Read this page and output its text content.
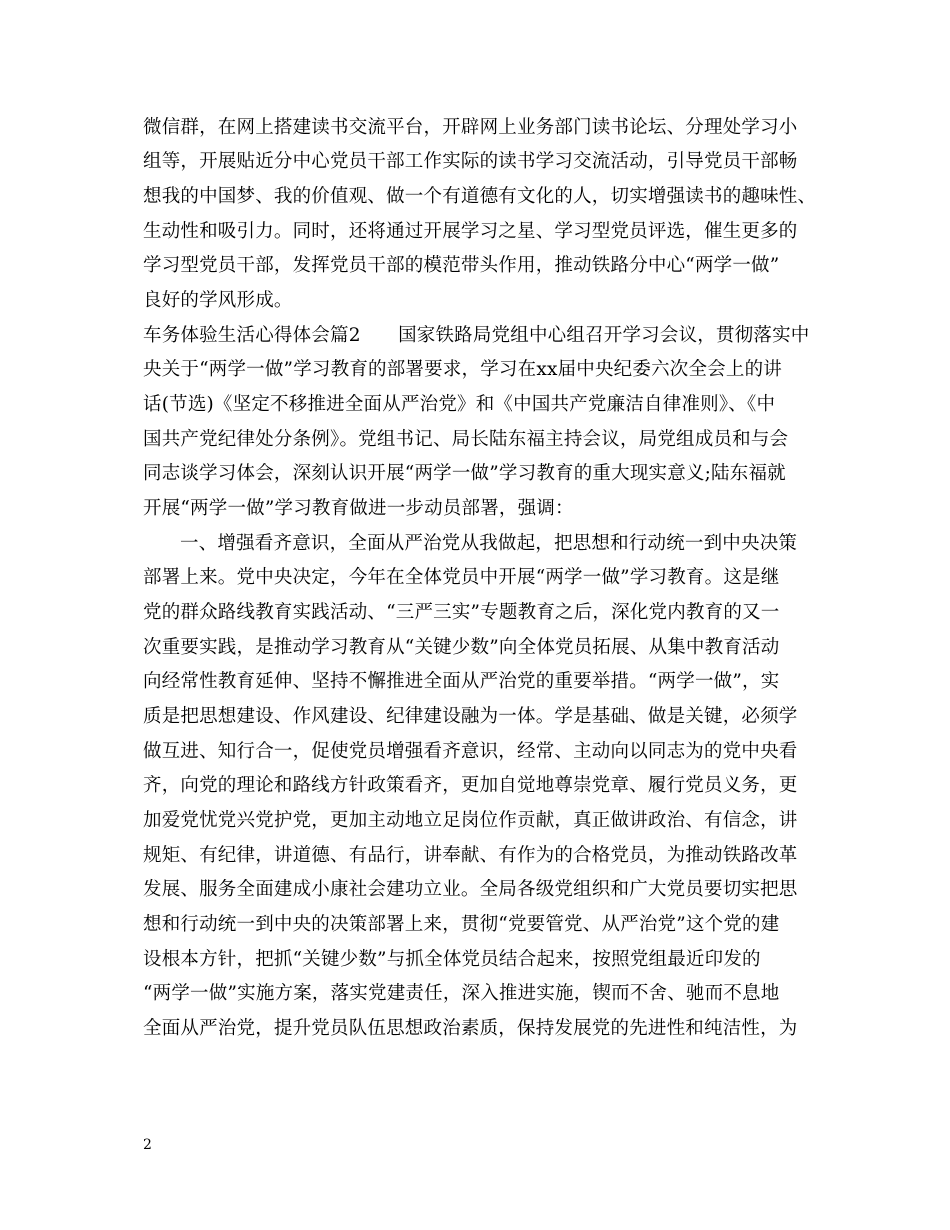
微信群，在网上搭建读书交流平台，开辟网上业务部门读书论坛、分理处学习小
组等，开展贴近分中心党员干部工作实际的读书学习交流活动，引导党员干部畅
想我的中国梦、我的价值观、做一个有道德有文化的人，切实增强读书的趣味性、
生动性和吸引力。同时，还将通过开展学习之星、学习型党员评选，催生更多的
学习型党员干部，发挥党员干部的模范带头作用，推动铁路分中心“两学一做”
良好的学风形成。
车务体验生活心得体会篇2　　国家铁路局党组中心组召开学习会议，贯彻落实中
央关于“两学一做”学习教育的部署要求，学习在xx届中央纪委六次全会上的讲
话(节选)《坚定不移推进全面从严治党》和《中国共产党廉洁自律准则》、《中
国共产党纪律处分条例》。党组书记、局长陆东福主持会议，局党组成员和与会
同志谈学习体会，深刻认识开展“两学一做”学习教育的重大现实意义;陆东福就
开展“两学一做”学习教育做进一步动员部署，强调：
一、增强看齐意识，全面从严治党从我做起，把思想和行动统一到中央决策
部署上来。党中央决定，今年在全体党员中开展“两学一做”学习教育。这是继
党的群众路线教育实践活动、“三严三实”专题教育之后，深化党内教育的又一
次重要实践，是推动学习教育从“关键少数”向全体党员拓展、从集中教育活动
向经常性教育延伸、坚持不懈推进全面从严治党的重要举措。“两学一做”，实
质是把思想建设、作风建设、纪律建设融为一体。学是基础、做是关键，必须学
做互进、知行合一，促使党员增强看齐意识，经常、主动向以同志为的党中央看
齐，向党的理论和路线方针政策看齐，更加自觉地尊崇党章、履行党员义务，更
加爱党忧党兴党护党，更加主动地立足岗位作贡献，真正做讲政治、有信念，讲
规矩、有纪律，讲道德、有品行，讲奉献、有作为的合格党员，为推动铁路改革
发展、服务全面建成小康社会建功立业。全局各级党组织和广大党员要切实把思
想和行动统一到中央的决策部署上来，贯彻“党要管党、从严治党”这个党的建
设根本方针，把抓“关键少数”与抓全体党员结合起来，按照党组最近印发的
“两学一做”实施方案，落实党建责任，深入推进实施，锲而不舍、驰而不息地
全面从严治党，提升党员队伍思想政治素质，保持发展党的先进性和纯洁性，为
2
